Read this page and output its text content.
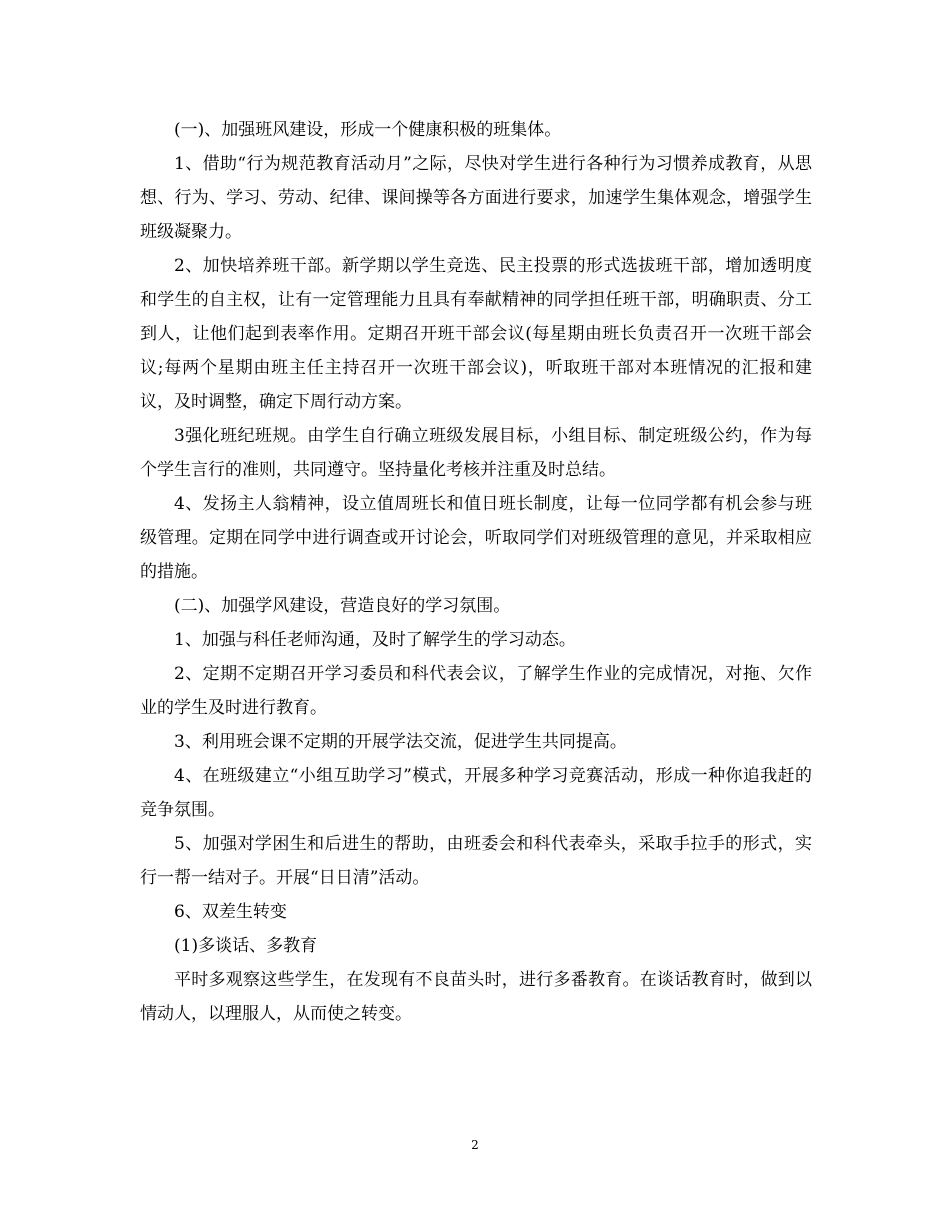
(一)、加强班风建设，形成一个健康积极的班集体。

1、借助“行为规范教育活动月”之际，尽快对学生进行各种行为习惯养成教育，从思想、行为、学习、劳动、纪律、课间操等各方面进行要求，加速学生集体观念，增强学生班级凝聚力。

2、加快培养班干部。新学期以学生竞选、民主投票的形式选拔班干部，增加透明度和学生的自主权，让有一定管理能力且具有奉献精神的同学担任班干部，明确职责、分工到人，让他们起到表率作用。定期召开班干部会议(每星期由班长负责召开一次班干部会议;每两个星期由班主任主持召开一次班干部会议)，听取班干部对本班情况的汇报和建议，及时调整，确定下周行动方案。

3强化班纪班规。由学生自行确立班级发展目标，小组目标、制定班级公约，作为每个学生言行的准则，共同遵守。坚持量化考核并注重及时总结。

4、发扬主人翁精神，设立值周班长和值日班长制度，让每一位同学都有机会参与班级管理。定期在同学中进行调查或开讨论会，听取同学们对班级管理的意见，并采取相应的措施。

(二)、加强学风建设，营造良好的学习氛围。

1、加强与科任老师沟通，及时了解学生的学习动态。

2、定期不定期召开学习委员和科代表会议，了解学生作业的完成情况，对拖、欠作业的学生及时进行教育。

3、利用班会课不定期的开展学法交流，促进学生共同提高。

4、在班级建立“小组互助学习”模式，开展多种学习竞赛活动，形成一种你追我赶的竞争氛围。

5、加强对学困生和后进生的帮助，由班委会和科代表牵头，采取手拉手的形式，实行一帮一结对子。开展“日日清”活动。

6、双差生转变

(1)多谈话、多教育

平时多观察这些学生，在发现有不良苗头时，进行多番教育。在谈话教育时，做到以情动人，以理服人，从而使之转变。

2
